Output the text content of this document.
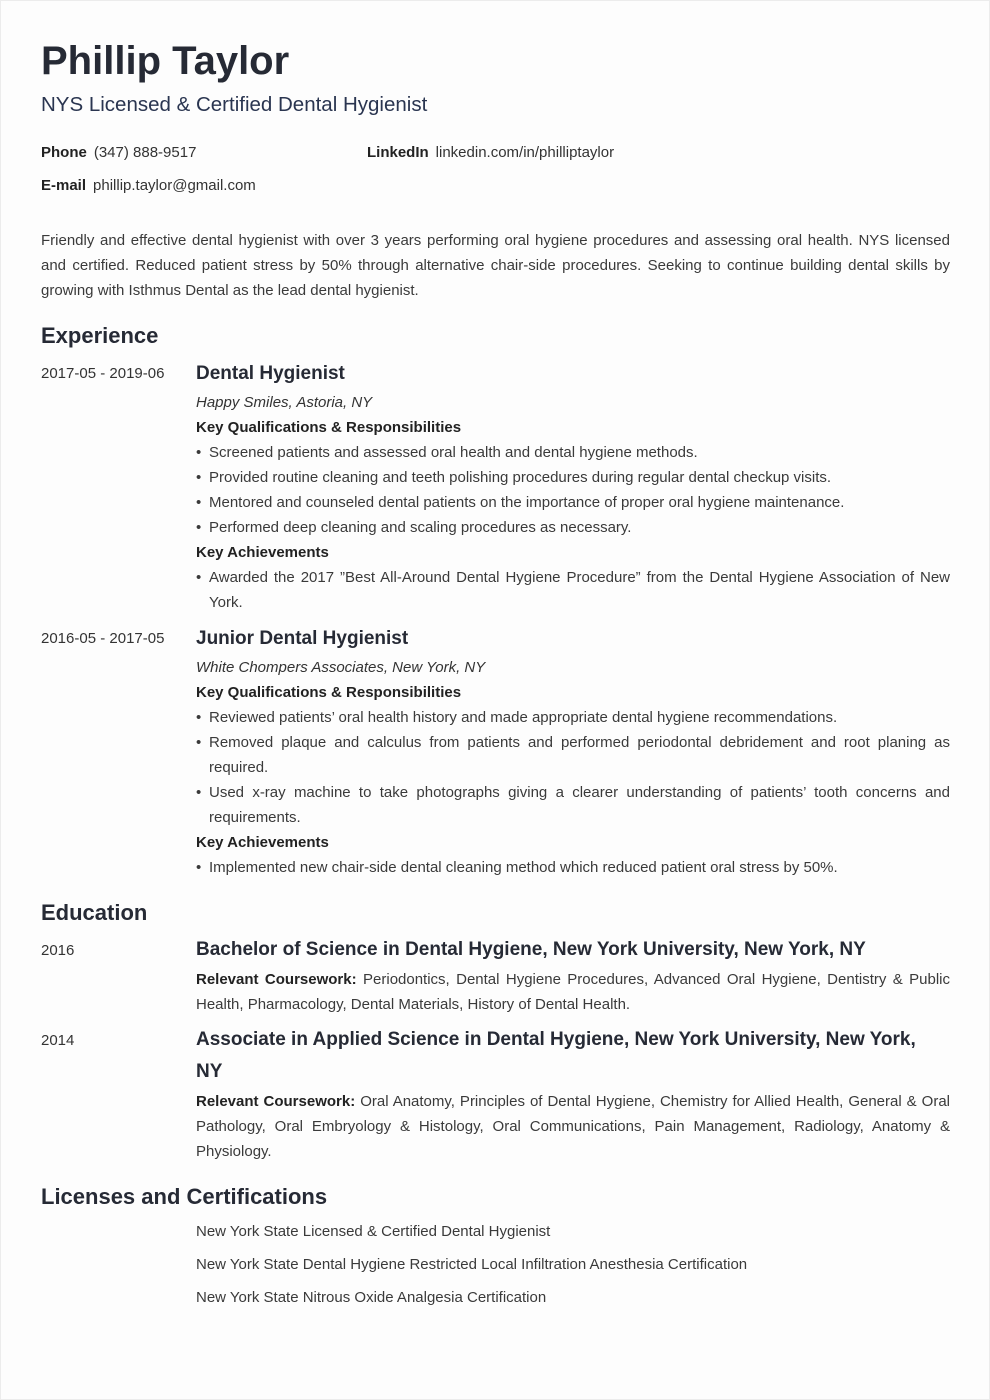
Phillip Taylor
NYS Licensed & Certified Dental Hygienist
Phone (347) 888-9517	LinkedIn linkedin.com/in/philliptaylor
E-mail phillip.taylor@gmail.com

Friendly and effective dental hygienist with over 3 years performing oral hygiene procedures and assessing oral health. NYS licensed and certified. Reduced patient stress by 50% through alternative chair-side procedures. Seeking to continue building dental skills by growing with Isthmus Dental as the lead dental hygienist.

Experience
2017-05 - 2019-06 Dental Hygienist
Happy Smiles, Astoria, NY
Key Qualifications & Responsibilities
• Screened patients and assessed oral health and dental hygiene methods.
• Provided routine cleaning and teeth polishing procedures during regular dental checkup visits.
• Mentored and counseled dental patients on the importance of proper oral hygiene maintenance.
• Performed deep cleaning and scaling procedures as necessary.
Key Achievements
• Awarded the 2017 ”Best All-Around Dental Hygiene Procedure” from the Dental Hygiene Association of New York.
2016-05 - 2017-05 Junior Dental Hygienist
White Chompers Associates, New York, NY
Key Qualifications & Responsibilities
• Reviewed patients’ oral health history and made appropriate dental hygiene recommendations.
• Removed plaque and calculus from patients and performed periodontal debridement and root planing as required.
• Used x-ray machine to take photographs giving a clearer understanding of patients’ tooth concerns and requirements.
Key Achievements
• Implemented new chair-side dental cleaning method which reduced patient oral stress by 50%.
Education
2016	Bachelor of Science in Dental Hygiene, New York University, New York, NY
Relevant Coursework: Periodontics, Dental Hygiene Procedures, Advanced Oral Hygiene, Dentistry & Public Health, Pharmacology, Dental Materials, History of Dental Health.
2014	Associate in Applied Science in Dental Hygiene, New York University, New York, NY
Relevant Coursework: Oral Anatomy, Principles of Dental Hygiene, Chemistry for Allied Health, General & Oral Pathology, Oral Embryology & Histology, Oral Communications, Pain Management, Radiology, Anatomy & Physiology.
Licenses and Certifications
New York State Licensed & Certified Dental Hygienist
New York State Dental Hygiene Restricted Local Infiltration Anesthesia Certification
New York State Nitrous Oxide Analgesia Certification
